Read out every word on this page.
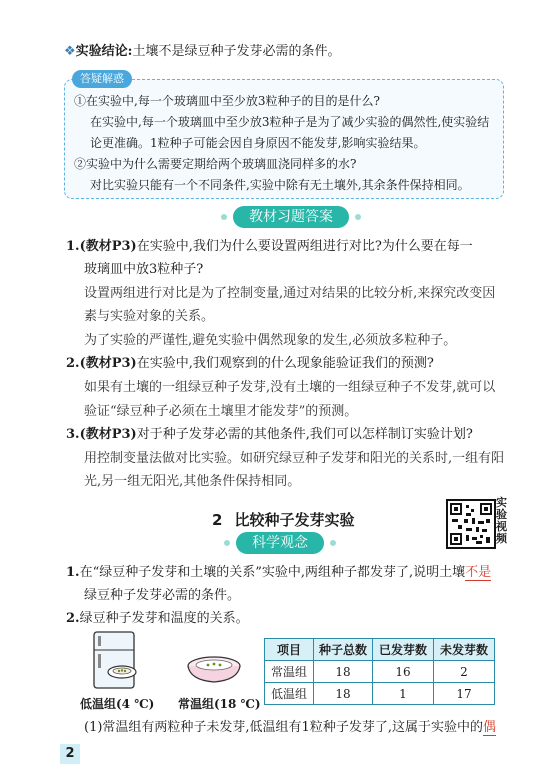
❖实验结论:土壤不是绿豆种子发芽必需的条件。
答疑解惑
①在实验中,每一个玻璃皿中至少放3粒种子的目的是什么?
在实验中,每一个玻璃皿中至少放3粒种子是为了减少实验的偶然性,使实验结
论更准确。1粒种子可能会因自身原因不能发芽,影响实验结果。
②实验中为什么需要定期给两个玻璃皿浇同样多的水?
对比实验只能有一个不同条件,实验中除有无土壤外,其余条件保持相同。
教材习题答案
1.(教材P3)在实验中,我们为什么要设置两组进行对比?为什么要在每一
玻璃皿中放3粒种子?
设置两组进行对比是为了控制变量,通过对结果的比较分析,来探究改变因
素与实验对象的关系。
为了实验的严谨性,避免实验中偶然现象的发生,必须放多粒种子。
2.(教材P3)在实验中,我们观察到的什么现象能验证我们的预测?
如果有土壤的一组绿豆种子发芽,没有土壤的一组绿豆种子不发芽,就可以
验证“绿豆种子必须在土壤里才能发芽”的预测。
3.(教材P3)对于种子发芽必需的其他条件,我们可以怎样制订实验计划?
用控制变量法做对比实验。如研究绿豆种子发芽和阳光的关系时,一组有阳
光,另一组无阳光,其他条件保持相同。
2 比较种子发芽实验
实验视频
科学观念
1.在“绿豆种子发芽和土壤的关系”实验中,两组种子都发芽了,说明土壤不是
绿豆种子发芽必需的条件。
2.绿豆种子发芽和温度的关系。
低温组(4 ℃) 常温组(18 ℃)
项目	种子总数	已发芽数	未发芽数
常温组	18	16	2
低温组	18	1	17
(1)常温组有两粒种子未发芽,低温组有1粒种子发芽了,这属于实验中的偶
2
